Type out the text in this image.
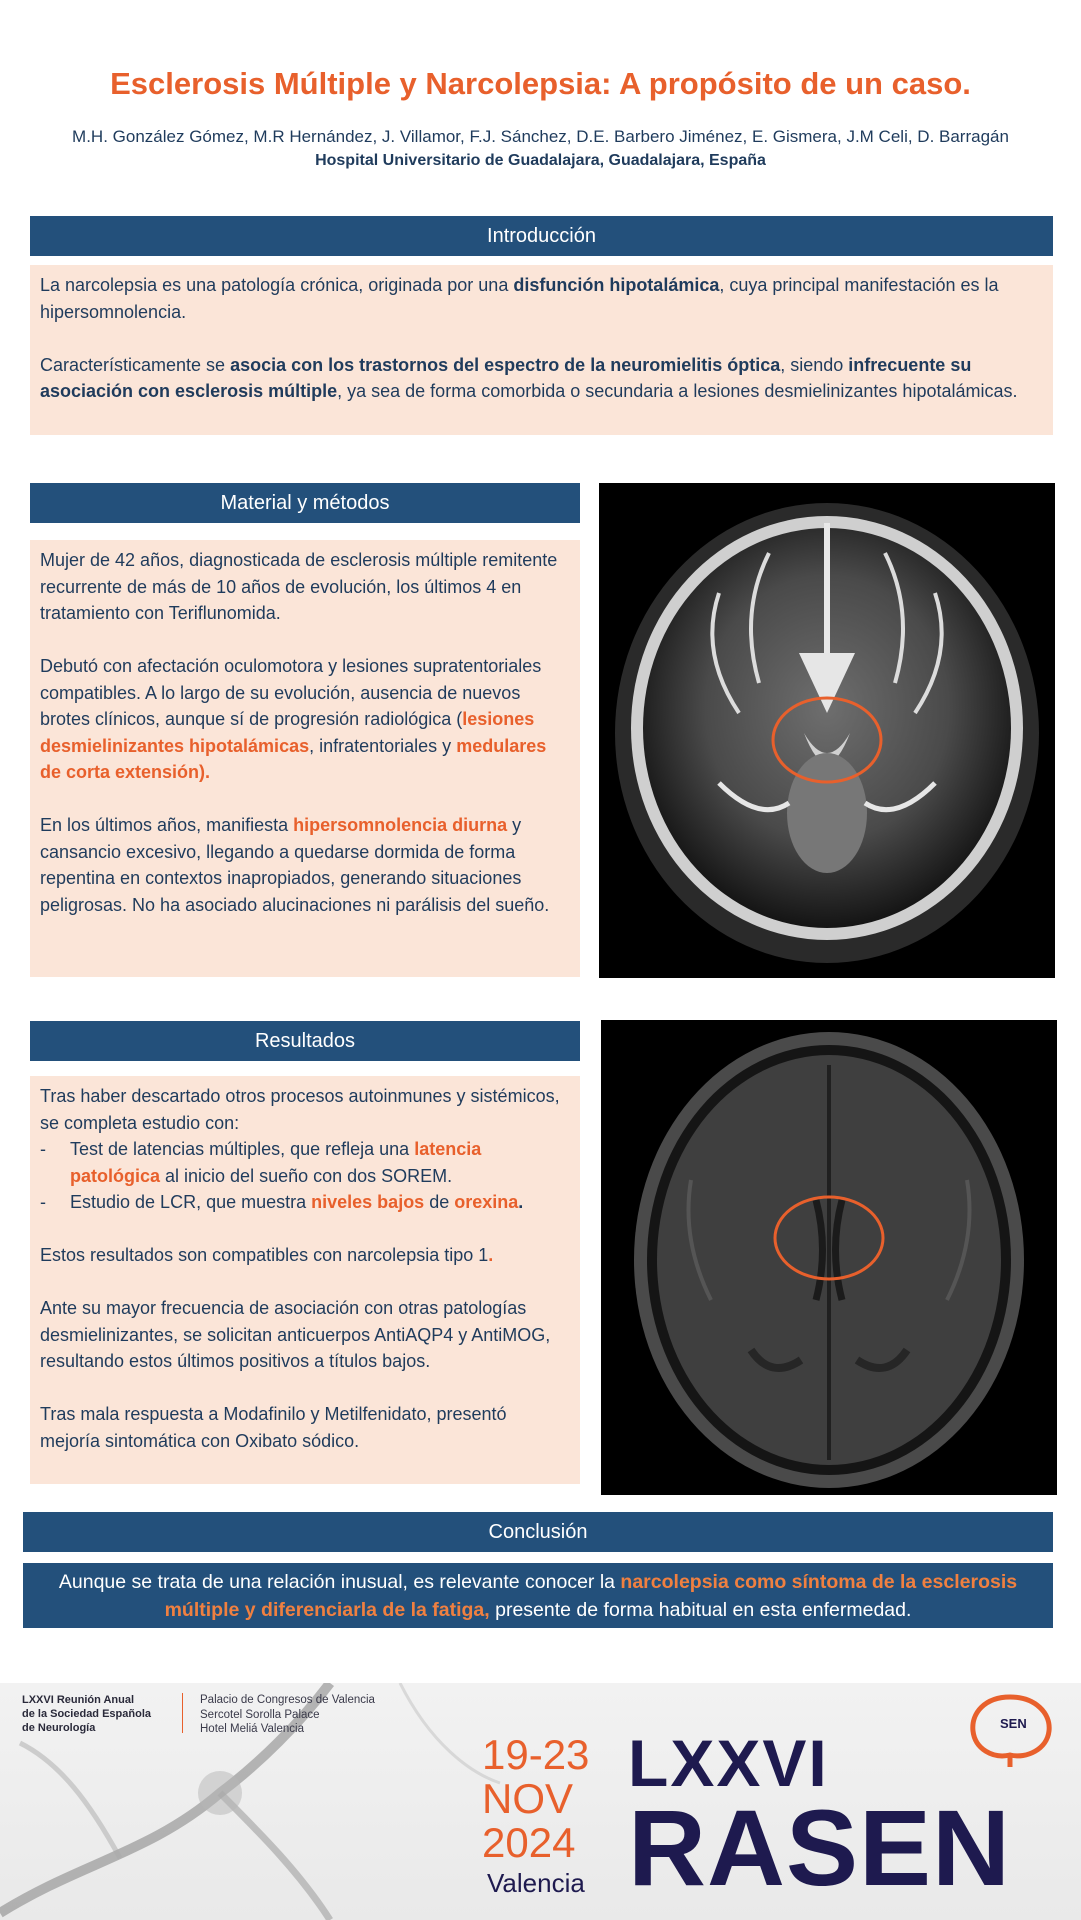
Esclerosis Múltiple y Narcolepsia: A propósito de un caso.
M.H. González Gómez, M.R Hernández, J. Villamor, F.J. Sánchez, D.E. Barbero Jiménez, E. Gismera, J.M Celi, D. Barragán
Hospital Universitario de Guadalajara, Guadalajara, España
Introducción

La narcolepsia es una patología crónica, originada por una disfunción hipotalámica, cuya principal manifestación es la hipersomnolencia.

Característicamente se asocia con los trastornos del espectro de la neuromielitis óptica, siendo infrecuente su asociación con esclerosis múltiple, ya sea de forma comorbida o secundaria a lesiones desmielinizantes hipotalámicas.

Material y métodos

Mujer de 42 años, diagnosticada de esclerosis múltiple remitente recurrente de más de 10 años de evolución, los últimos 4 en tratamiento con Teriflunomida.

Debutó con afectación oculomotora y lesiones supratentoriales compatibles. A lo largo de su evolución, ausencia de nuevos brotes clínicos, aunque sí de progresión radiológica (lesiones desmielinizantes hipotalámicas, infratentoriales y medulares de corta extensión).

En los últimos años, manifiesta hipersomnolencia diurna y cansancio excesivo, llegando a quedarse dormida de forma repentina en contextos inapropiados, generando situaciones peligrosas. No ha asociado alucinaciones ni parálisis del sueño.

Resultados

Tras haber descartado otros procesos autoinmunes y sistémicos, se completa estudio con:

-	Test de latencias múltiples, que refleja una latencia patológica al inicio del sueño con dos SOREM.

-	Estudio de LCR, que muestra niveles bajos de orexina.

Estos resultados son compatibles con narcolepsia tipo 1.

Ante su mayor frecuencia de asociación con otras patologías desmielinizantes, se solicitan anticuerpos AntiAQP4 y AntiMOG, resultando estos últimos positivos a títulos bajos.

Tras mala respuesta a Modafinilo y Metilfenidato, presentó mejoría sintomática con Oxibato sódico.

Conclusión

Aunque se trata de una relación inusual, es relevante conocer la narcolepsia como síntoma de la esclerosis múltiple y diferenciarla de la fatiga, presente de forma habitual en esta enfermedad.

LXXVI Reunión Anual
de la Sociedad Española
de Neurología
Palacio de Congresos de Valencia
Sercotel Sorolla Palace
Hotel Meliá Valencia
19-23
NOV
2024
Valencia
LXXVI
RASEN
SEN
